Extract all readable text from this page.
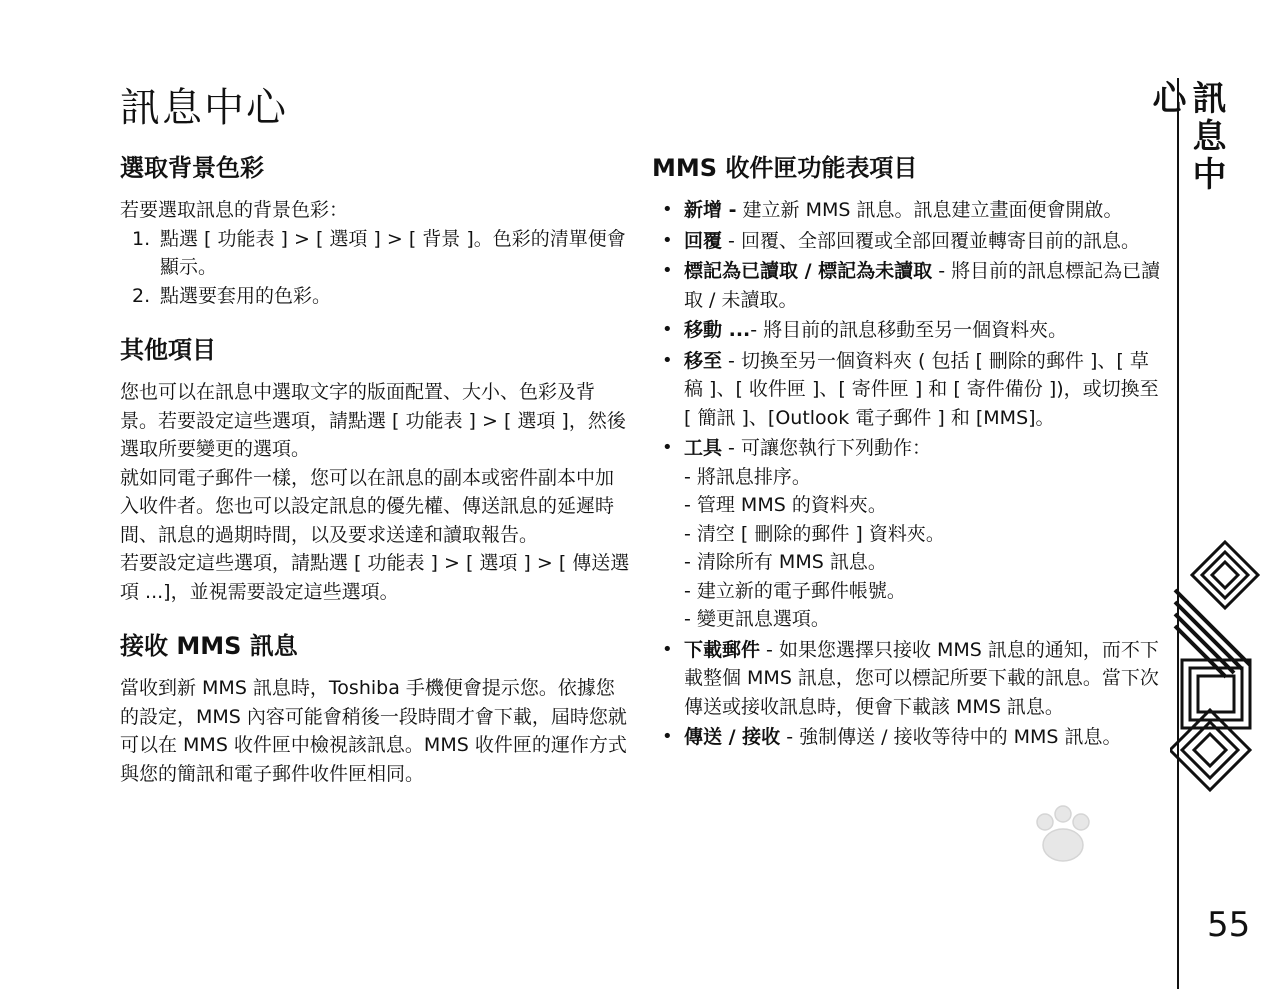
訊息中心
選取背景色彩

若要選取訊息的背景色彩：

1. 點選 [ 功能表 ] > [ 選項 ] > [ 背景 ]。色彩的清單便會顯示。
2. 點選要套用的色彩。
其他項目

您也可以在訊息中選取文字的版面配置、大小、色彩及背景。若要設定這些選項，請點選 [ 功能表 ] > [ 選項 ]，然後選取所要變更的選項。

就如同電子郵件一樣，您可以在訊息的副本或密件副本中加入收件者。您也可以設定訊息的優先權、傳送訊息的延遲時間、訊息的過期時間，以及要求送達和讀取報告。

若要設定這些選項，請點選 [ 功能表 ] > [ 選項 ] > [ 傳送選項 ...]，並視需要設定這些選項。

接收 MMS 訊息

當收到新 MMS 訊息時，Toshiba 手機便會提示您。依據您的設定，MMS 內容可能會稍後一段時間才會下載，屆時您就可以在 MMS 收件匣中檢視該訊息。MMS 收件匣的運作方式與您的簡訊和電子郵件收件匣相同。

MMS 收件匣功能表項目
• 新增 - 建立新 MMS 訊息。訊息建立畫面便會開啟。
• 回覆 - 回覆、全部回覆或全部回覆並轉寄目前的訊息。
• 標記為已讀取 / 標記為未讀取 - 將目前的訊息標記為已讀取 / 未讀取。
• 移動 ...- 將目前的訊息移動至另一個資料夾。
• 移至 - 切換至另一個資料夾 ( 包括 [ 刪除的郵件 ]、[ 草稿 ]、[ 收件匣 ]、[ 寄件匣 ] 和 [ 寄件備份 ])，或切換至 [ 簡訊 ]、[Outlook 電子郵件 ] 和 [MMS]。
• 工具 - 可讓您執行下列動作：
- 將訊息排序。
- 管理 MMS 的資料夾。
- 清空 [ 刪除的郵件 ] 資料夾。
- 清除所有 MMS 訊息。
- 建立新的電子郵件帳號。
- 變更訊息選項。
• 下載郵件 - 如果您選擇只接收 MMS 訊息的通知，而不下載整個 MMS 訊息，您可以標記所要下載的訊息。當下次傳送或接收訊息時，便會下載該 MMS 訊息。
• 傳送 / 接收 - 強制傳送 / 接收等待中的 MMS 訊息。
訊息中心
55
